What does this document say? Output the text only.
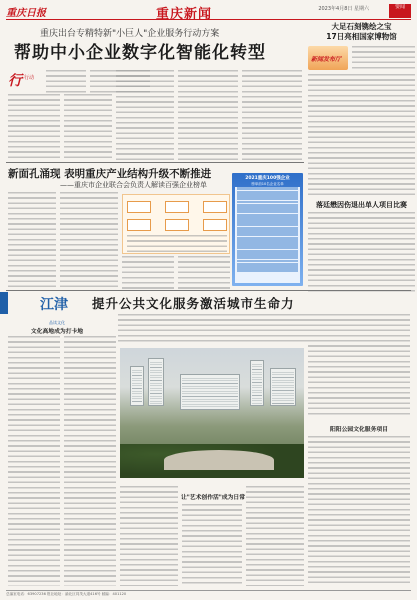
重庆日报	重庆新闻	2023年4月8日 星期六	要闻
重庆出台专精特新"小巨人"企业服务行动方案
帮助中小企业数字化智能化转型
行 行动
新面孔涌现 表明重庆产业结构升级不断推进
——重庆市企业联合会负责人解读百强企业榜单
2021重庆100强企业
榜单前10名企业名单
大足石刻镌绘之宝
17日亮相国家博物馆
新闻发布厅
落廷懋因伤退出单人项目比赛
江津 提升公共文化服务激活城市生命力
品读文化
文化高地成为打卡地
让"艺术创作活"成为日常
阳阳公园文化服务项目
总编室电话：63907236 报社地址：渝北区同茂大道416号 邮编：401120
